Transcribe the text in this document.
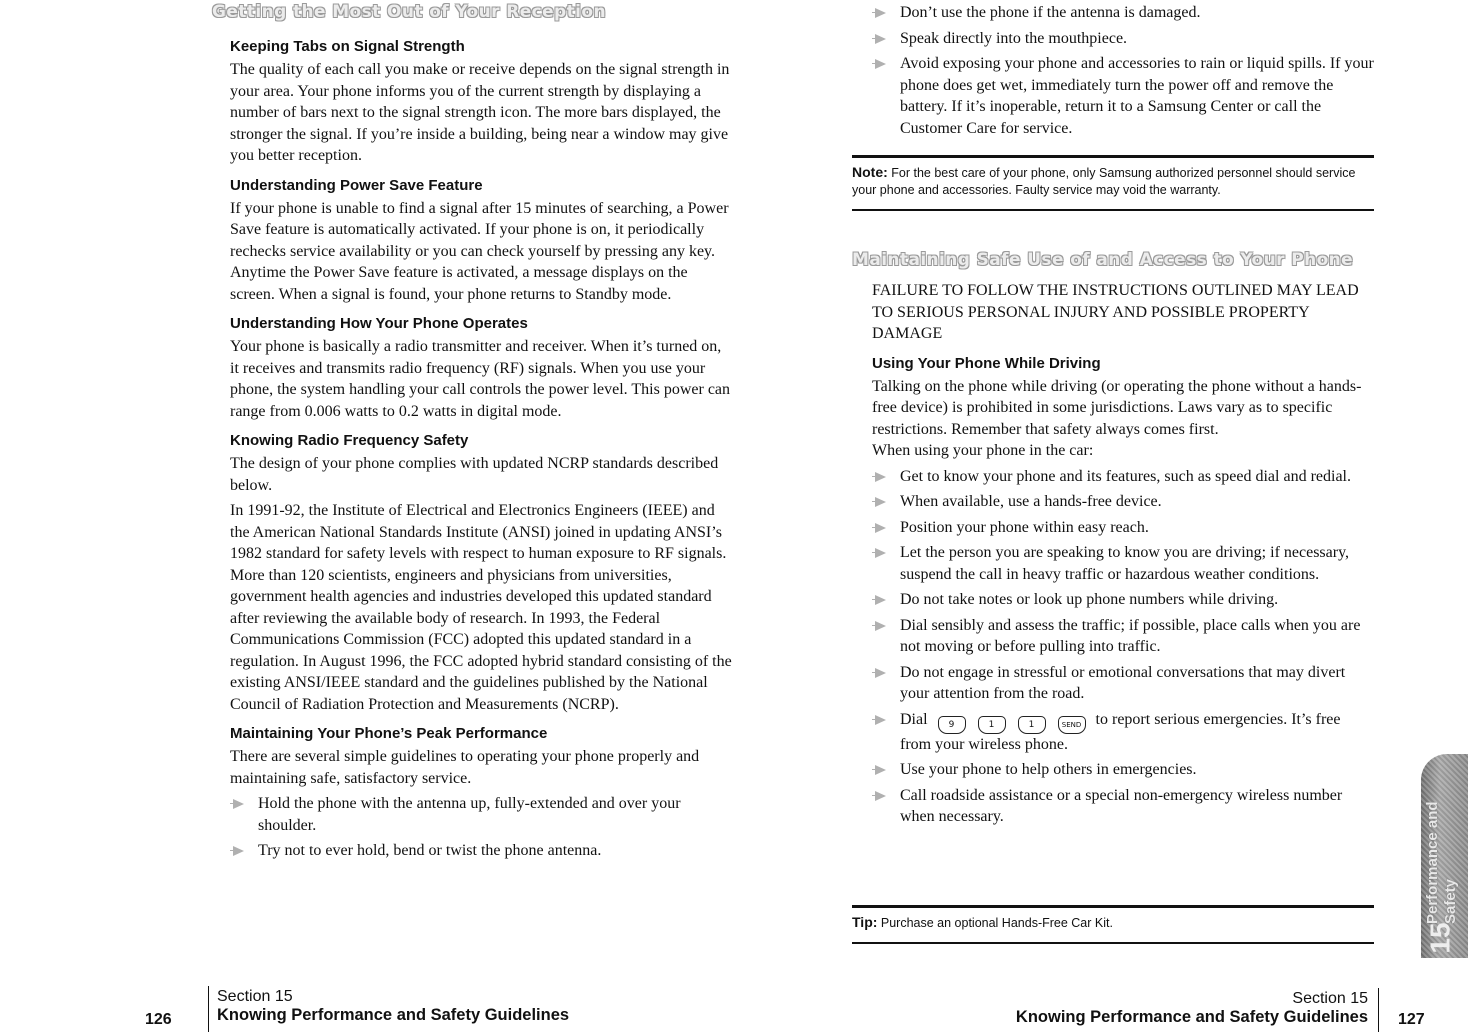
Getting the Most Out of Your Reception
Keeping Tabs on Signal Strength

The quality of each call you make or receive depends on the signal strength in your area. Your phone informs you of the current strength by displaying a number of bars next to the signal strength icon. The more bars displayed, the stronger the signal. If you’re inside a building, being near a window may give you better reception.

Understanding Power Save Feature

If your phone is unable to find a signal after 15 minutes of searching, a Power Save feature is automatically activated. If your phone is on, it periodically rechecks service availability or you can check yourself by pressing any key. Anytime the Power Save feature is activated, a message displays on the screen. When a signal is found, your phone returns to Standby mode.

Understanding How Your Phone Operates

Your phone is basically a radio transmitter and receiver. When it’s turned on, it receives and transmits radio frequency (RF) signals. When you use your phone, the system handling your call controls the power level. This power can range from 0.006 watts to 0.2 watts in digital mode.

Knowing Radio Frequency Safety

The design of your phone complies with updated NCRP standards described below.

In 1991-92, the Institute of Electrical and Electronics Engineers (IEEE) and the American National Standards Institute (ANSI) joined in updating ANSI’s 1982 standard for safety levels with respect to human exposure to RF signals. More than 120 scientists, engineers and physicians from universities, government health agencies and industries developed this updated standard after reviewing the available body of research. In 1993, the Federal Communications Commission (FCC) adopted this updated standard in a regulation. In August 1996, the FCC adopted hybrid standard consisting of the existing ANSI/IEEE standard and the guidelines published by the National Council of Radiation Protection and Measurements (NCRP).

Maintaining Your Phone’s Peak Performance

There are several simple guidelines to operating your phone properly and maintaining safe, satisfactory service.

Hold the phone with the antenna up, fully-extended and over your shoulder.
Try not to ever hold, bend or twist the phone antenna.
Don’t use the phone if the antenna is damaged.
Speak directly into the mouthpiece.
Avoid exposing your phone and accessories to rain or liquid spills. If your phone does get wet, immediately turn the power off and remove the battery. If it’s inoperable, return it to a Samsung Center or call the Customer Care for service.
Note: For the best care of your phone, only Samsung authorized personnel should service your phone and accessories. Faulty service may void the warranty.
Maintaining Safe Use of and Access to Your Phone

FAILURE TO FOLLOW THE INSTRUCTIONS OUTLINED MAY LEAD TO SERIOUS PERSONAL INJURY AND POSSIBLE PROPERTY DAMAGE

Using Your Phone While Driving

Talking on the phone while driving (or operating the phone without a hands-free device) is prohibited in some jurisdictions. Laws vary as to specific restrictions. Remember that safety always comes first.

When using your phone in the car:

Get to know your phone and its features, such as speed dial and redial.
When available, use a hands-free device.
Position your phone within easy reach.
Let the person you are speaking to know you are driving; if necessary, suspend the call in heavy traffic or hazardous weather conditions.
Do not take notes or look up phone numbers while driving.
Dial sensibly and assess the traffic; if possible, place calls when you are not moving or before pulling into traffic.
Do not engage in stressful or emotional conversations that may divert your attention from the road.
Dial 9	1	1	SEND to report serious emergencies. It’s free from your wireless phone.
Use your phone to help others in emergencies.
Call roadside assistance or a special non-emergency wireless number when necessary.
Tip: Purchase an optional Hands-Free Car Kit.
126
Section 15
Knowing Performance and Safety Guidelines
Section 15
Knowing Performance and Safety Guidelines 127
Performance and Safety
15
